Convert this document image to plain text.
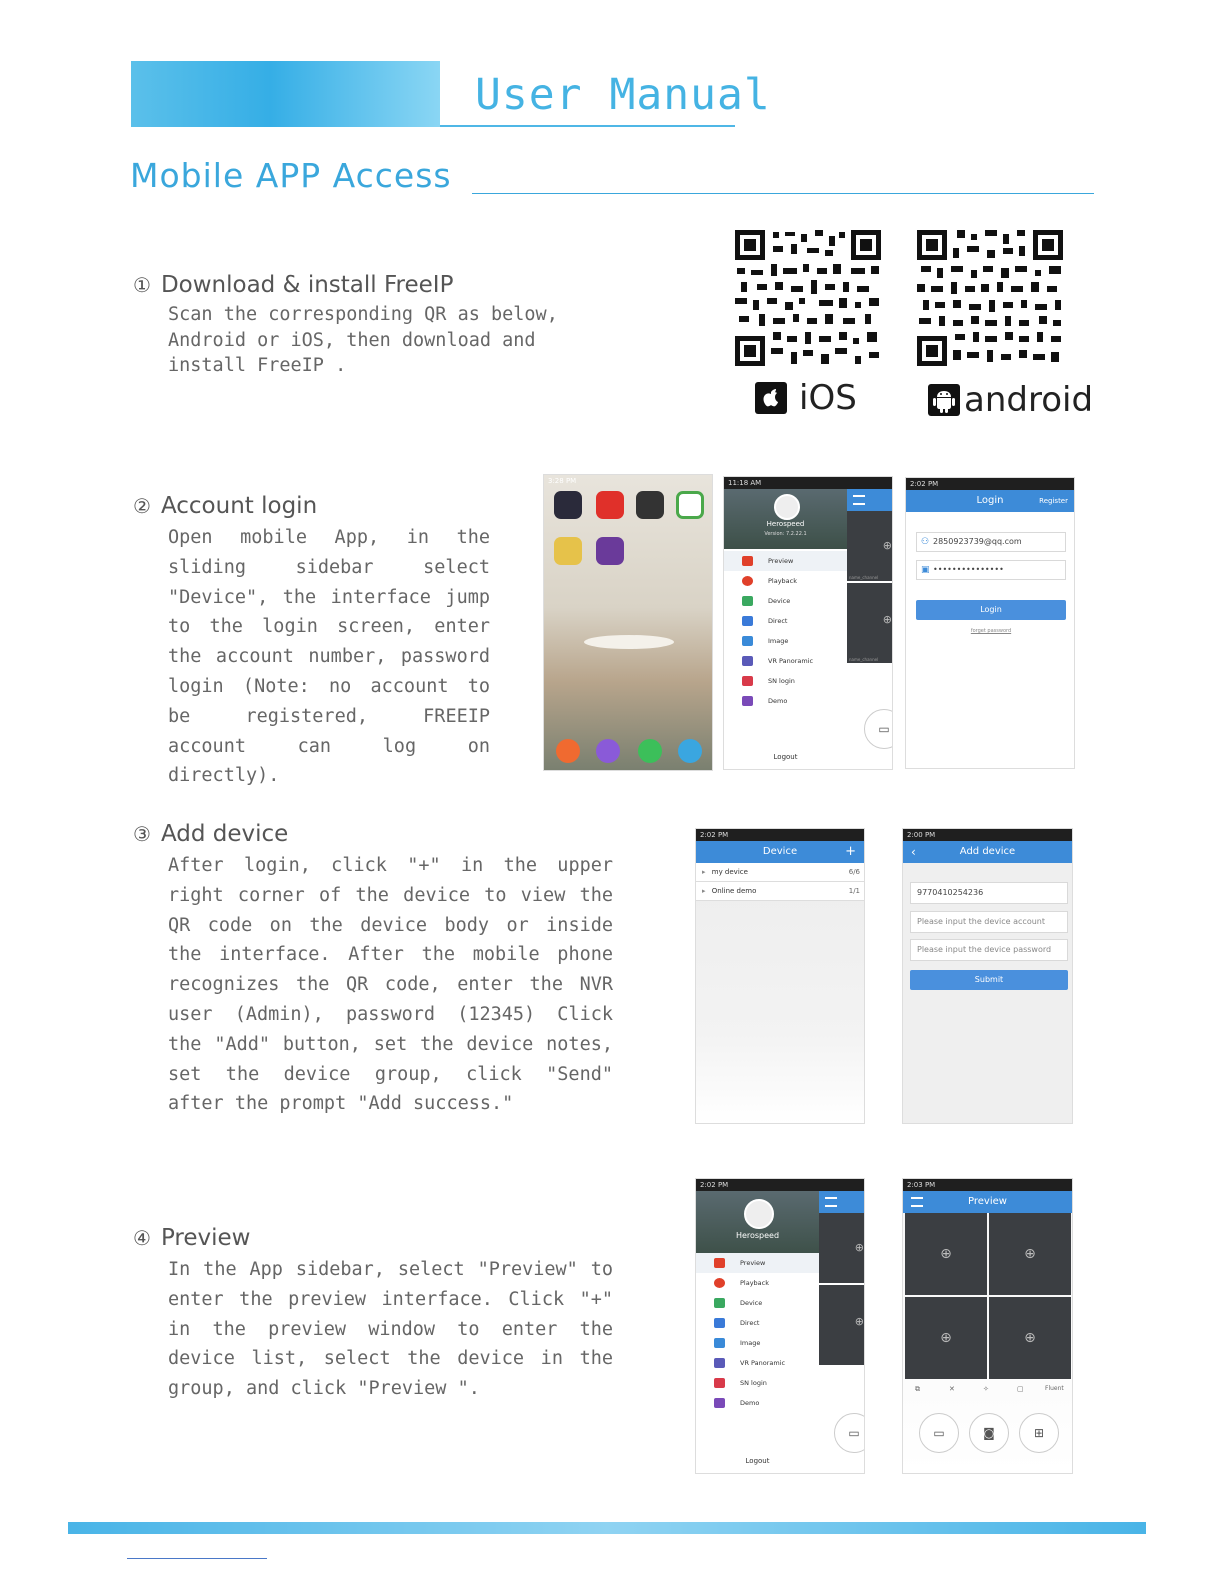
User Manual
Mobile APP Access
① Download & install FreeIP
Scan the corresponding QR as below, Android or iOS, then download and install FreeIP .
iOS	android
② Account login
Open mobile App, in the sliding sidebar select "Device", the interface jump to the login screen, enter the account number, password login (Note: no account to be registered, FREEIP account can log on directly).
3:28 PM	11:18 AM
Herospeed
Version: 7.2.22.1
Preview
Playback
Device
Direct
Image
VR Panoramic
SN login
Demo
Logout
⊕
name_channel
⊕
name_channel
▭
2:02 PM
Login	Register
⚇ 2850923739@qq.com
▣ •••••••••••••••
Login
forget password
③ Add device
After login, click "+" in the upper right corner of the device to view the QR code on the device body or inside the interface. After the mobile phone recognizes the QR code, enter the NVR user (Admin), password (12345) Click the "Add" button, set the device notes, set the device group, click "Send" after the prompt "Add success."
2:02 PM
Device	+
▸ my device	6/6
▸ Online demo	1/1
2:00 PM
‹	Add device
9770410254236
Please input the device account
Please input the device password
Submit
④ Preview
In the App sidebar, select "Preview" to enter the preview interface. Click "+" in the preview window to enter the device list, select the device in the group, and click "Preview ".
2:02 PM
Herospeed
Preview
Playback
Device
Direct
Image
VR Panoramic
SN login
Demo
Logout
⊕
⊕
▭
2:03 PM
Preview
⊕	⊕
⊕	⊕
⧉	✕	✧	▢	Fluent
▭	◙	⊞
